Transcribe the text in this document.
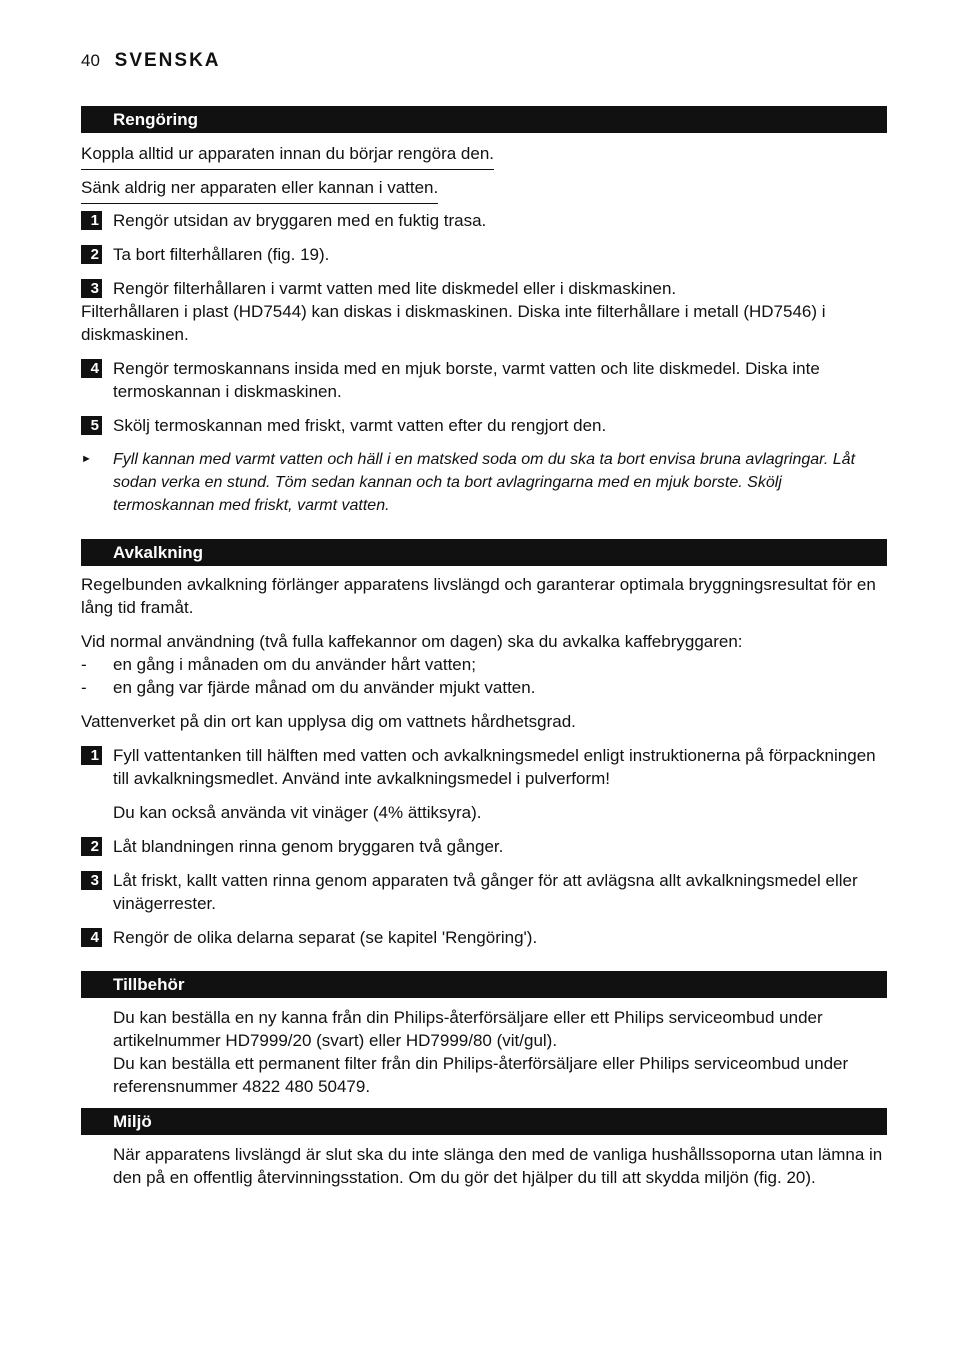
40 SVENSKA
Rengöring
Koppla alltid ur apparaten innan du börjar rengöra den.
Sänk aldrig ner apparaten eller kannan i vatten.
1 Rengör utsidan av bryggaren med en fuktig trasa.
2 Ta bort filterhållaren (fig. 19).
3 Rengör filterhållaren i varmt vatten med lite diskmedel eller i diskmaskinen.
Filterhållaren i plast (HD7544) kan diskas i diskmaskinen. Diska inte filterhållare i metall (HD7546) i diskmaskinen.
4 Rengör termoskannans insida med en mjuk borste, varmt vatten och lite diskmedel. Diska inte termoskannan i diskmaskinen.
5 Skölj termoskannan med friskt, varmt vatten efter du rengjort den.
► Fyll kannan med varmt vatten och häll i en matsked soda om du ska ta bort envisa bruna avlagringar. Låt sodan verka en stund. Töm sedan kannan och ta bort avlagringarna med en mjuk borste. Skölj termoskannan med friskt, varmt vatten.
Avkalkning
Regelbunden avkalkning förlänger apparatens livslängd och garanterar optimala bryggningsresultat för en lång tid framåt.
Vid normal användning (två fulla kaffekannor om dagen) ska du avkalka kaffebryggaren:
- en gång i månaden om du använder hårt vatten;
- en gång var fjärde månad om du använder mjukt vatten.
Vattenverket på din ort kan upplysa dig om vattnets hårdhetsgrad.
1 Fyll vattentanken till hälften med vatten och avkalkningsmedel enligt instruktionerna på förpackningen till avkalkningsmedlet. Använd inte avkalkningsmedel i pulverform!
Du kan också använda vit vinäger (4% ättiksyra).
2 Låt blandningen rinna genom bryggaren två gånger.
3 Låt friskt, kallt vatten rinna genom apparaten två gånger för att avlägsna allt avkalkningsmedel eller vinägerrester.
4 Rengör de olika delarna separat (se kapitel 'Rengöring').
Tillbehör
Du kan beställa en ny kanna från din Philips-återförsäljare eller ett Philips serviceombud under artikelnummer HD7999/20 (svart) eller HD7999/80 (vit/gul).
Du kan beställa ett permanent filter från din Philips-återförsäljare eller Philips serviceombud under referensnummer 4822 480 50479.
Miljö
När apparatens livslängd är slut ska du inte slänga den med de vanliga hushållssoporna utan lämna in den på en offentlig återvinningsstation. Om du gör det hjälper du till att skydda miljön (fig. 20).
